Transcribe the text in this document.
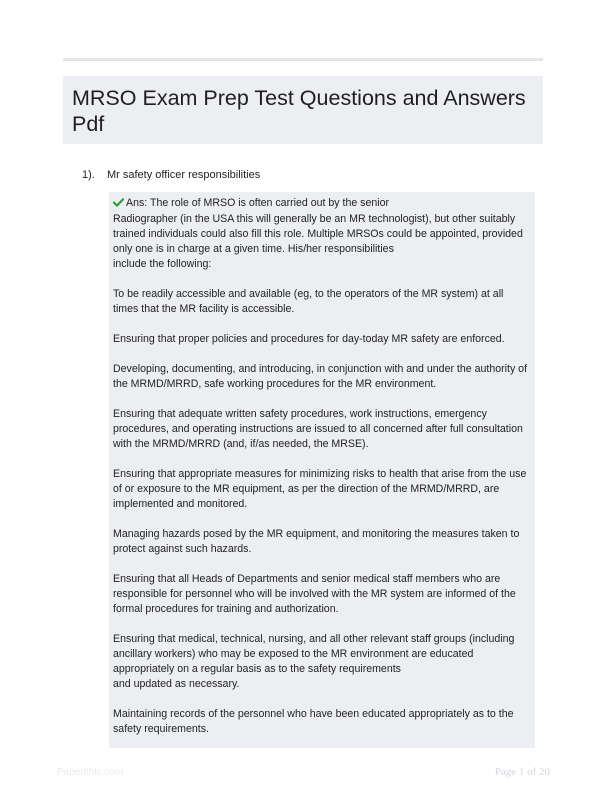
MRSO Exam Prep Test Questions and Answers Pdf
1). Mr safety officer responsibilities

Ans: The role of MRSO is often carried out by the senior
Radiographer (in the USA this will generally be an MR technologist), but other suitably trained individuals could also fill this role. Multiple MRSOs could be appointed, provided only one is in charge at a given time. His/her responsibilities
include the following:

To be readily accessible and available (eg, to the operators of the MR system) at all times that the MR facility is accessible.

Ensuring that proper policies and procedures for day-today MR safety are enforced.

Developing, documenting, and introducing, in conjunction with and under the authority of the MRMD/MRRD, safe working procedures for the MR environment.

Ensuring that adequate written safety procedures, work instructions, emergency procedures, and operating instructions are issued to all concerned after full consultation with the MRMD/MRRD (and, if/as needed, the MRSE).

Ensuring that appropriate measures for minimizing risks to health that arise from the use of or exposure to the MR equipment, as per the direction of the MRMD/MRRD, are implemented and monitored.

Managing hazards posed by the MR equipment, and monitoring the measures taken to protect against such hazards.

Ensuring that all Heads of Departments and senior medical staff members who are responsible for personnel who will be involved with the MR system are informed of the formal procedures for training and authorization.

Ensuring that medical, technical, nursing, and all other relevant staff groups (including ancillary workers) who may be exposed to the MR environment are educated appropriately on a regular basis as to the safety requirements
and updated as necessary.

Maintaining records of the personnel who have been educated appropriately as to the safety requirements.

Paperlthlc.com	Page 1 of 20
